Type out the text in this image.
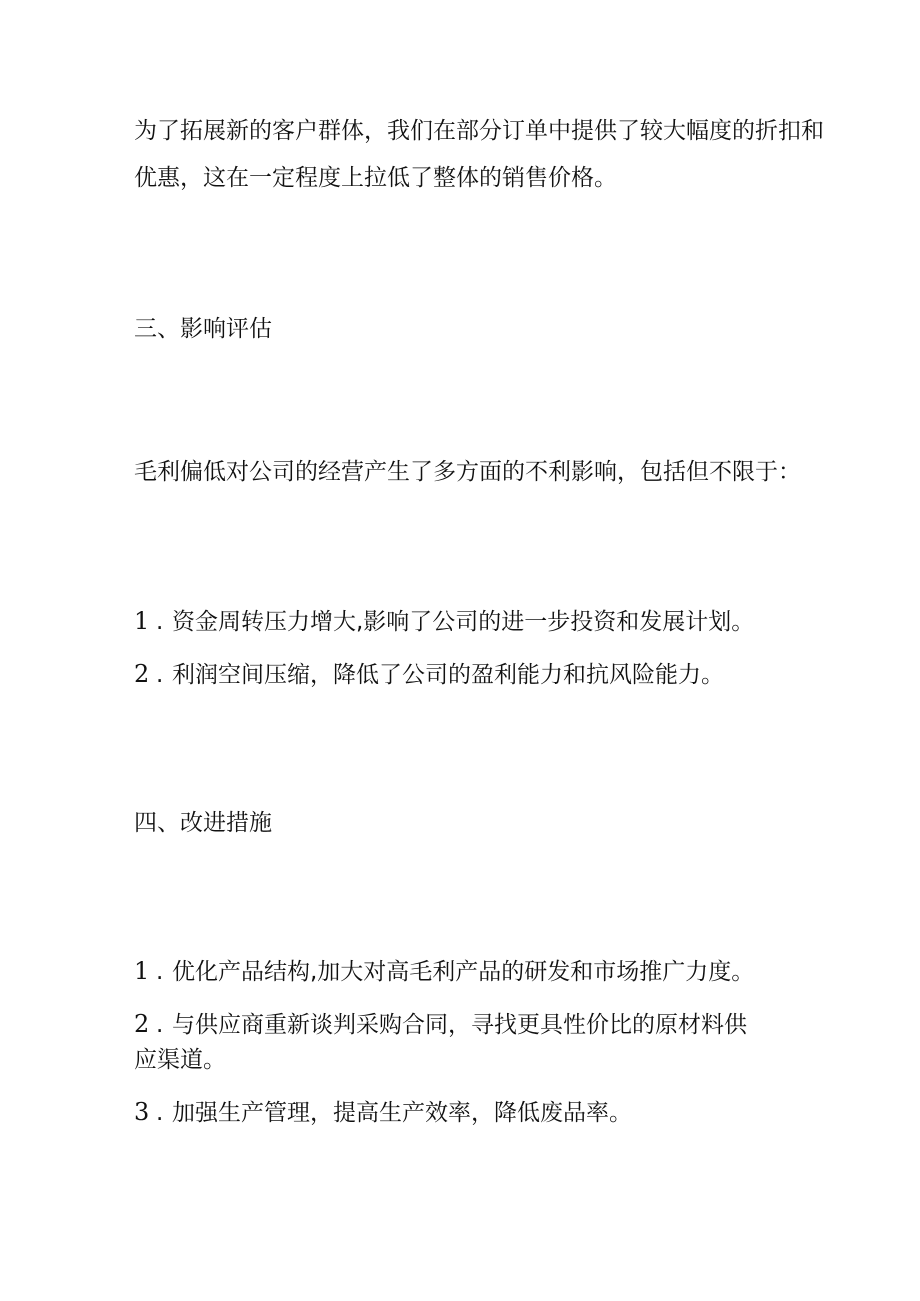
为了拓展新的客户群体，我们在部分订单中提供了较大幅度的折扣和
优惠，这在一定程度上拉低了整体的销售价格。
三、影响评估
毛利偏低对公司的经营产生了多方面的不利影响，包括但不限于：
1 . 资金周转压力增大,影响了公司的进一步投资和发展计划。
2 . 利润空间压缩，降低了公司的盈利能力和抗风险能力。
四、改进措施
1 . 优化产品结构,加大对高毛利产品的研发和市场推广力度。
2 . 与供应商重新谈判采购合同，寻找更具性价比的原材料供
应渠道。
3 . 加强生产管理，提高生产效率，降低废品率。
